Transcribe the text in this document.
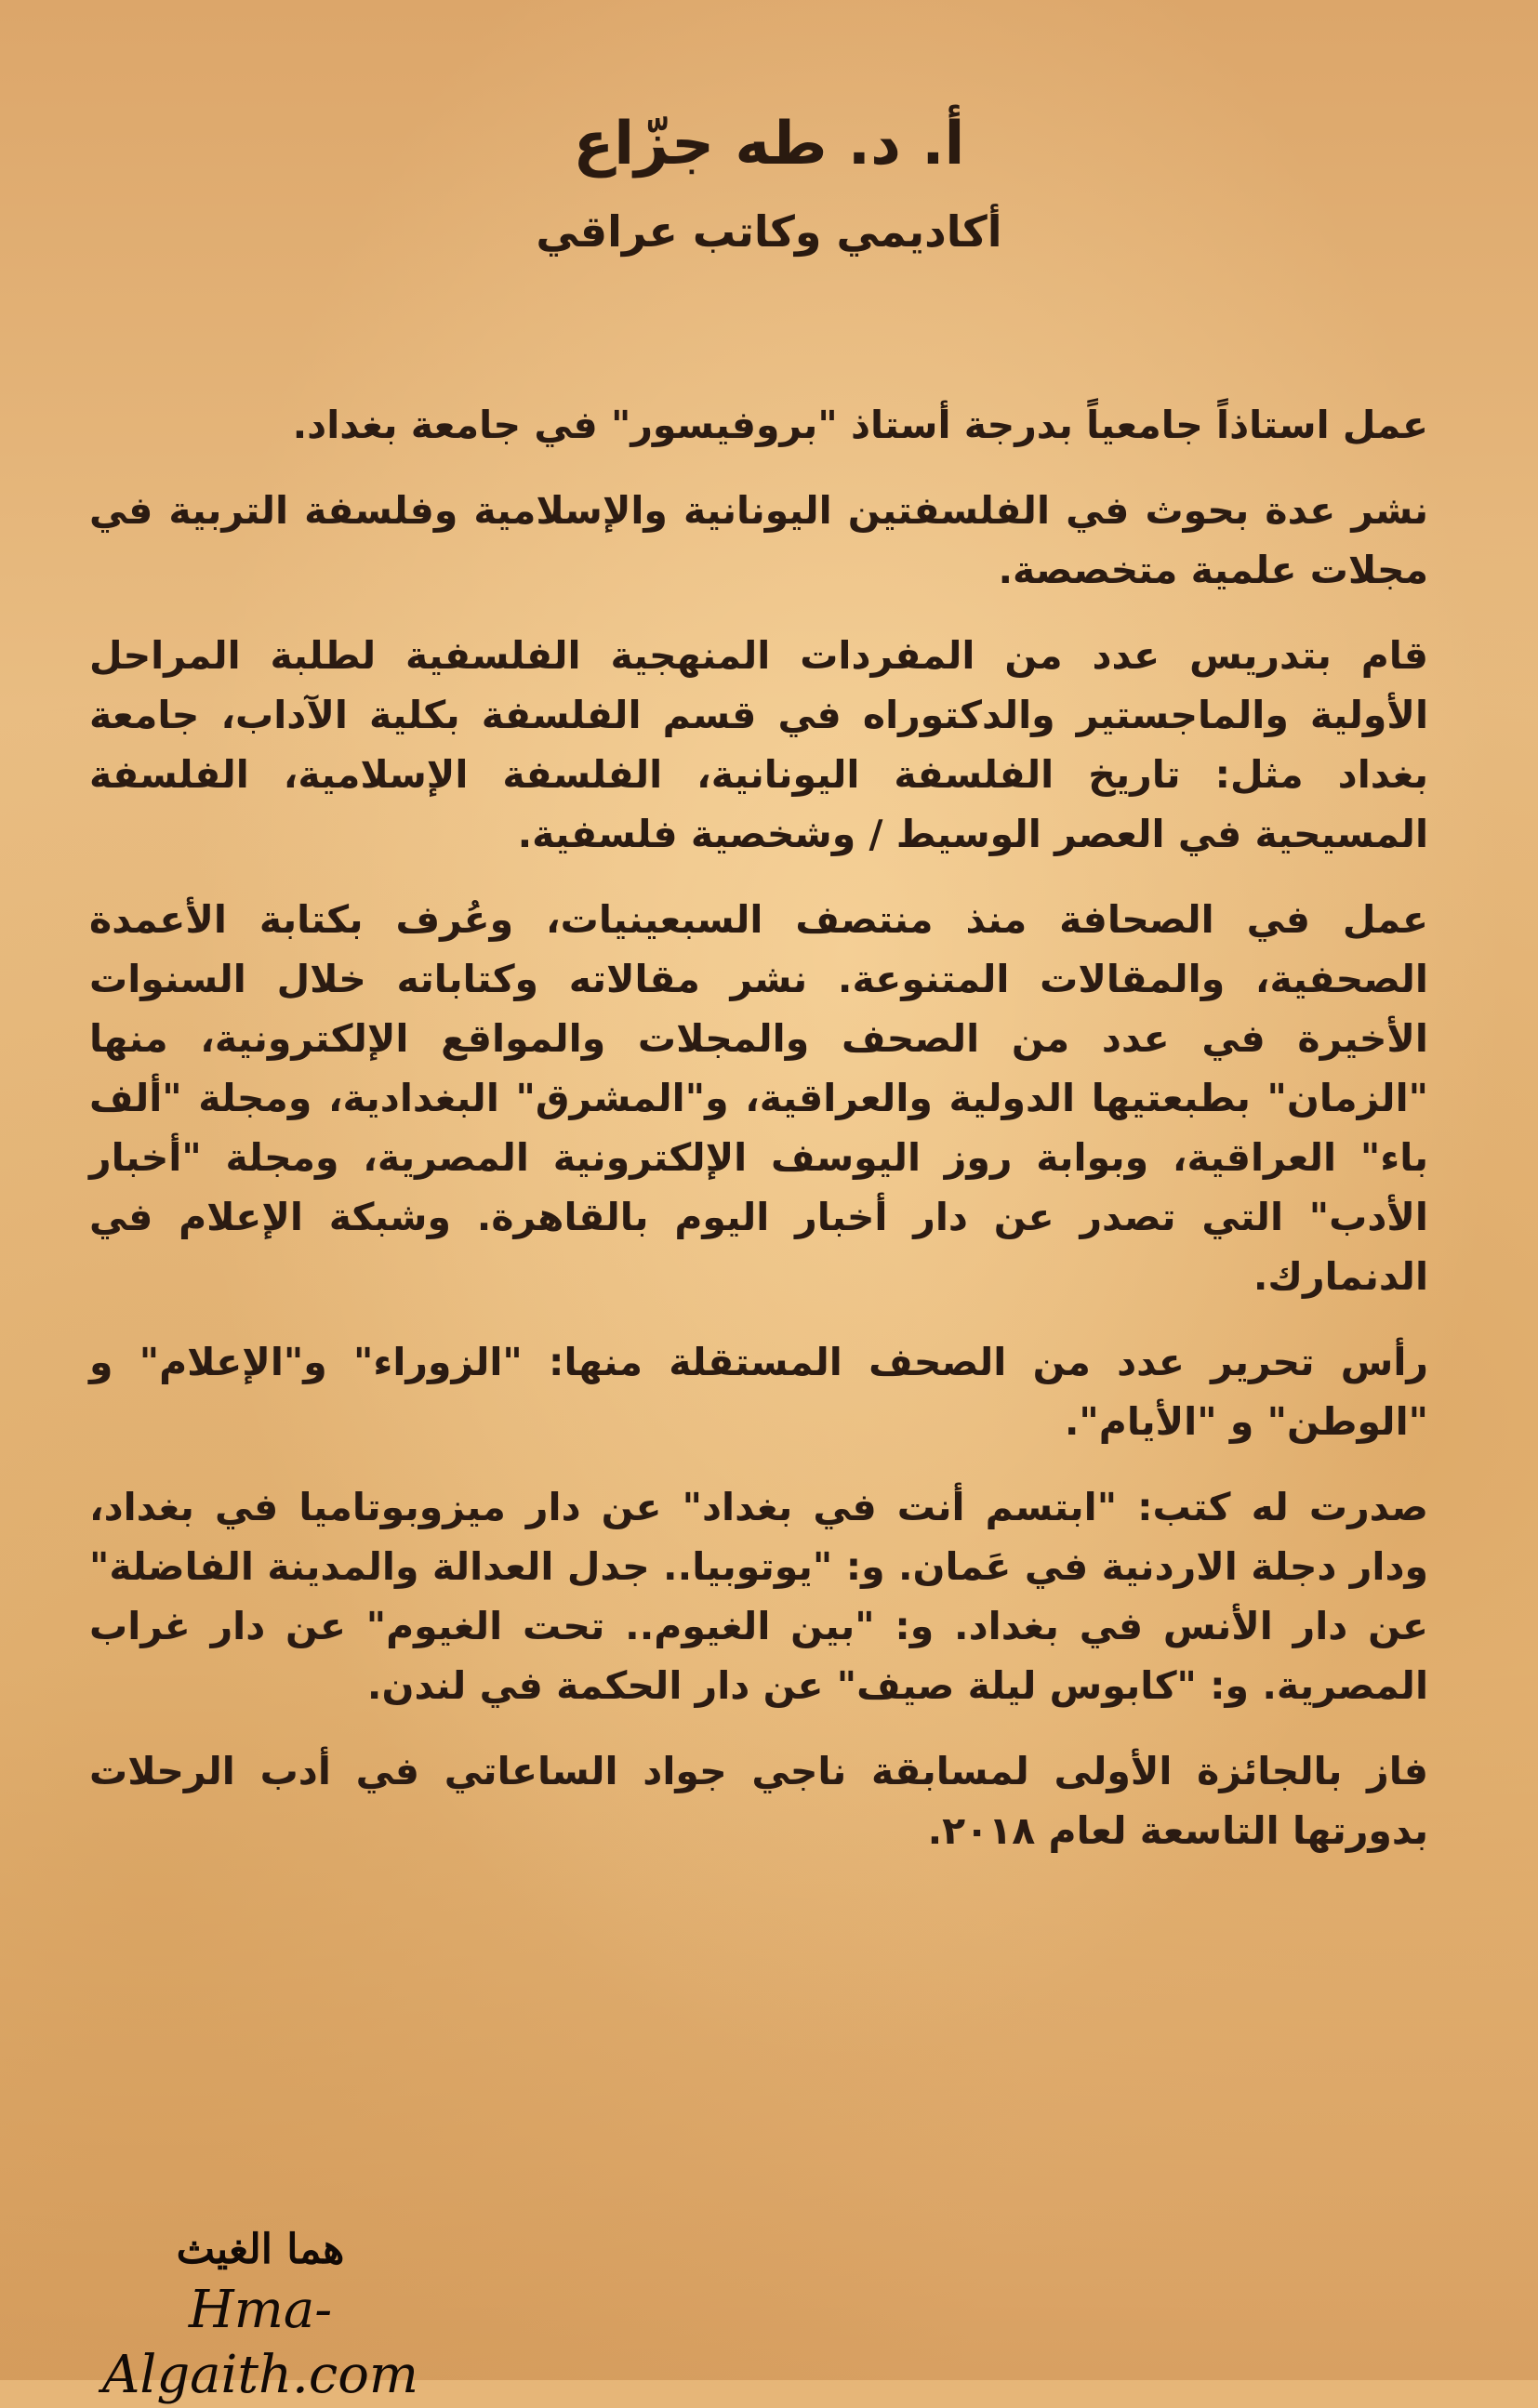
أ. د. طه جزّاع
أكاديمي وكاتب عراقي

عمل استاذاً جامعياً بدرجة أستاذ "بروفيسور" في جامعة بغداد.

نشر عدة بحوث في الفلسفتين اليونانية والإسلامية وفلسفة التربية في مجلات علمية متخصصة.

قام بتدريس عدد من المفردات المنهجية الفلسفية لطلبة المراحل الأولية والماجستير والدكتوراه في قسم الفلسفة بكلية الآداب، جامعة بغداد مثل: تاريخ الفلسفة اليونانية، الفلسفة الإسلامية، الفلسفة المسيحية في العصر الوسيط / وشخصية فلسفية.

عمل في الصحافة منذ منتصف السبعينيات، وعُرف بكتابة الأعمدة الصحفية، والمقالات المتنوعة. نشر مقالاته وكتاباته خلال السنوات الأخيرة في عدد من الصحف والمجلات والمواقع الإلكترونية، منها "الزمان" بطبعتيها الدولية والعراقية، و"المشرق" البغدادية، ومجلة "ألف باء" العراقية، وبوابة روز اليوسف الإلكترونية المصرية، ومجلة "أخبار الأدب" التي تصدر عن دار أخبار اليوم بالقاهرة. وشبكة الإعلام في الدنمارك.

رأس تحرير عدد من الصحف المستقلة منها: "الزوراء" و"الإعلام" و "الوطن" و "الأيام".

صدرت له كتب: "ابتسم أنت في بغداد" عن دار ميزوبوتاميا في بغداد، ودار دجلة الاردنية في عَمان. و: "يوتوبيا.. جدل العدالة والمدينة الفاضلة" عن دار الأنس في بغداد. و: "بين الغيوم.. تحت الغيوم" عن دار غراب المصرية. و: "كابوس ليلة صيف" عن دار الحكمة في لندن.

فاز بالجائزة الأولى لمسابقة ناجي جواد الساعاتي في أدب الرحلات بدورتها التاسعة لعام ٢٠١٨.

هما الغيث
Hma-Algaith.com
